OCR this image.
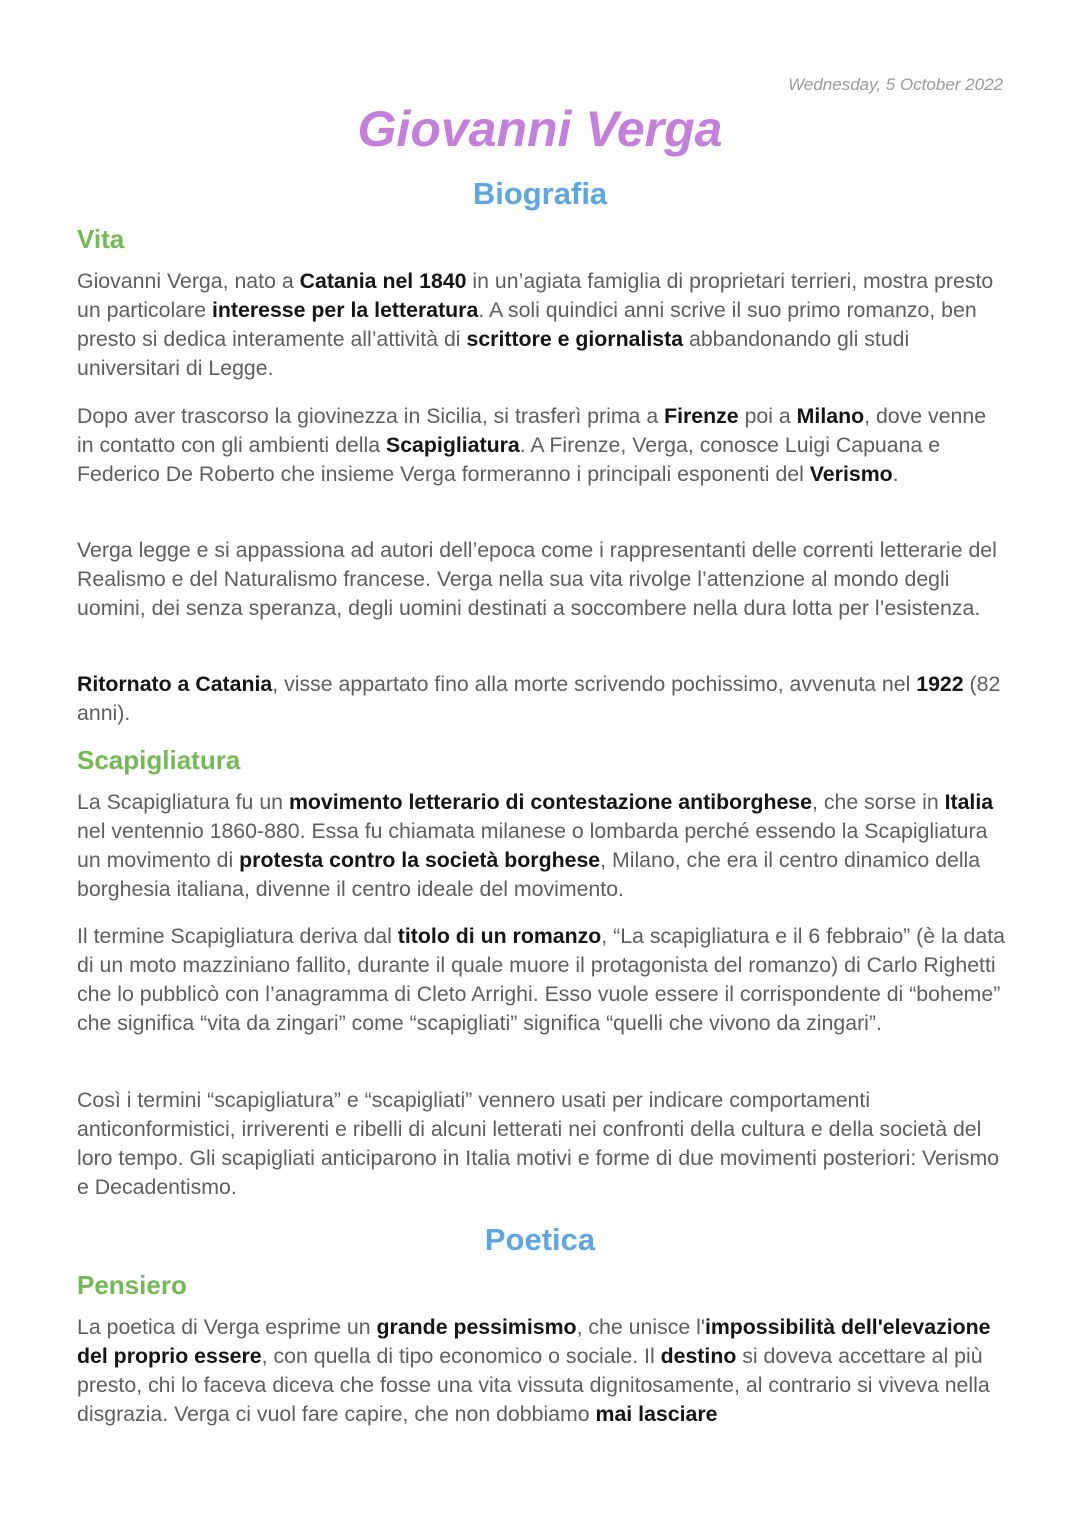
Wednesday, 5 October 2022
Giovanni Verga
Biografia
Vita

Giovanni Verga, nato a Catania nel 1840 in un’agiata famiglia di proprietari terrieri, mostra presto un particolare interesse per la letteratura. A soli quindici anni scrive il suo primo romanzo, ben presto si dedica interamente all’attività di scrittore e giornalista abbandonando gli studi universitari di Legge.

Dopo aver trascorso la giovinezza in Sicilia, si trasferì prima a Firenze poi a Milano, dove venne in contatto con gli ambienti della Scapigliatura. A Firenze, Verga, conosce Luigi Capuana e Federico De Roberto che insieme Verga formeranno i principali esponenti del Verismo.

Verga legge e si appassiona ad autori dell’epoca come i rappresentanti delle correnti letterarie del Realismo e del Naturalismo francese. Verga nella sua vita rivolge l’attenzione al mondo degli uomini, dei senza speranza, degli uomini destinati a soccombere nella dura lotta per l’esistenza.

Ritornato a Catania, visse appartato fino alla morte scrivendo pochissimo, avvenuta nel 1922 (82 anni).

Scapigliatura

La Scapigliatura fu un movimento letterario di contestazione antiborghese, che sorse in Italia nel ventennio 1860-880. Essa fu chiamata milanese o lombarda perché essendo la Scapigliatura un movimento di protesta contro la società borghese, Milano, che era il centro dinamico della borghesia italiana, divenne il centro ideale del movimento.

Il termine Scapigliatura deriva dal titolo di un romanzo, “La scapigliatura e il 6 febbraio” (è la data di un moto mazziniano fallito, durante il quale muore il protagonista del romanzo) di Carlo Righetti che lo pubblicò con l’anagramma di Cleto Arrighi. Esso vuole essere il corrispondente di “boheme” che significa “vita da zingari” come “scapigliati” significa “quelli che vivono da zingari”.

Così i termini “scapigliatura” e “scapigliati” vennero usati per indicare comportamenti anticonformistici, irriverenti e ribelli di alcuni letterati nei confronti della cultura e della società del loro tempo. Gli scapigliati anticiparono in Italia motivi e forme di due movimenti posteriori: Verismo e Decadentismo.

Poetica
Pensiero

La poetica di Verga esprime un grande pessimismo, che unisce l'impossibilità dell'elevazione del proprio essere, con quella di tipo economico o sociale. Il destino si doveva accettare al più presto, chi lo faceva diceva che fosse una vita vissuta dignitosamente, al contrario si viveva nella disgrazia. Verga ci vuol fare capire, che non dobbiamo mai lasciare
